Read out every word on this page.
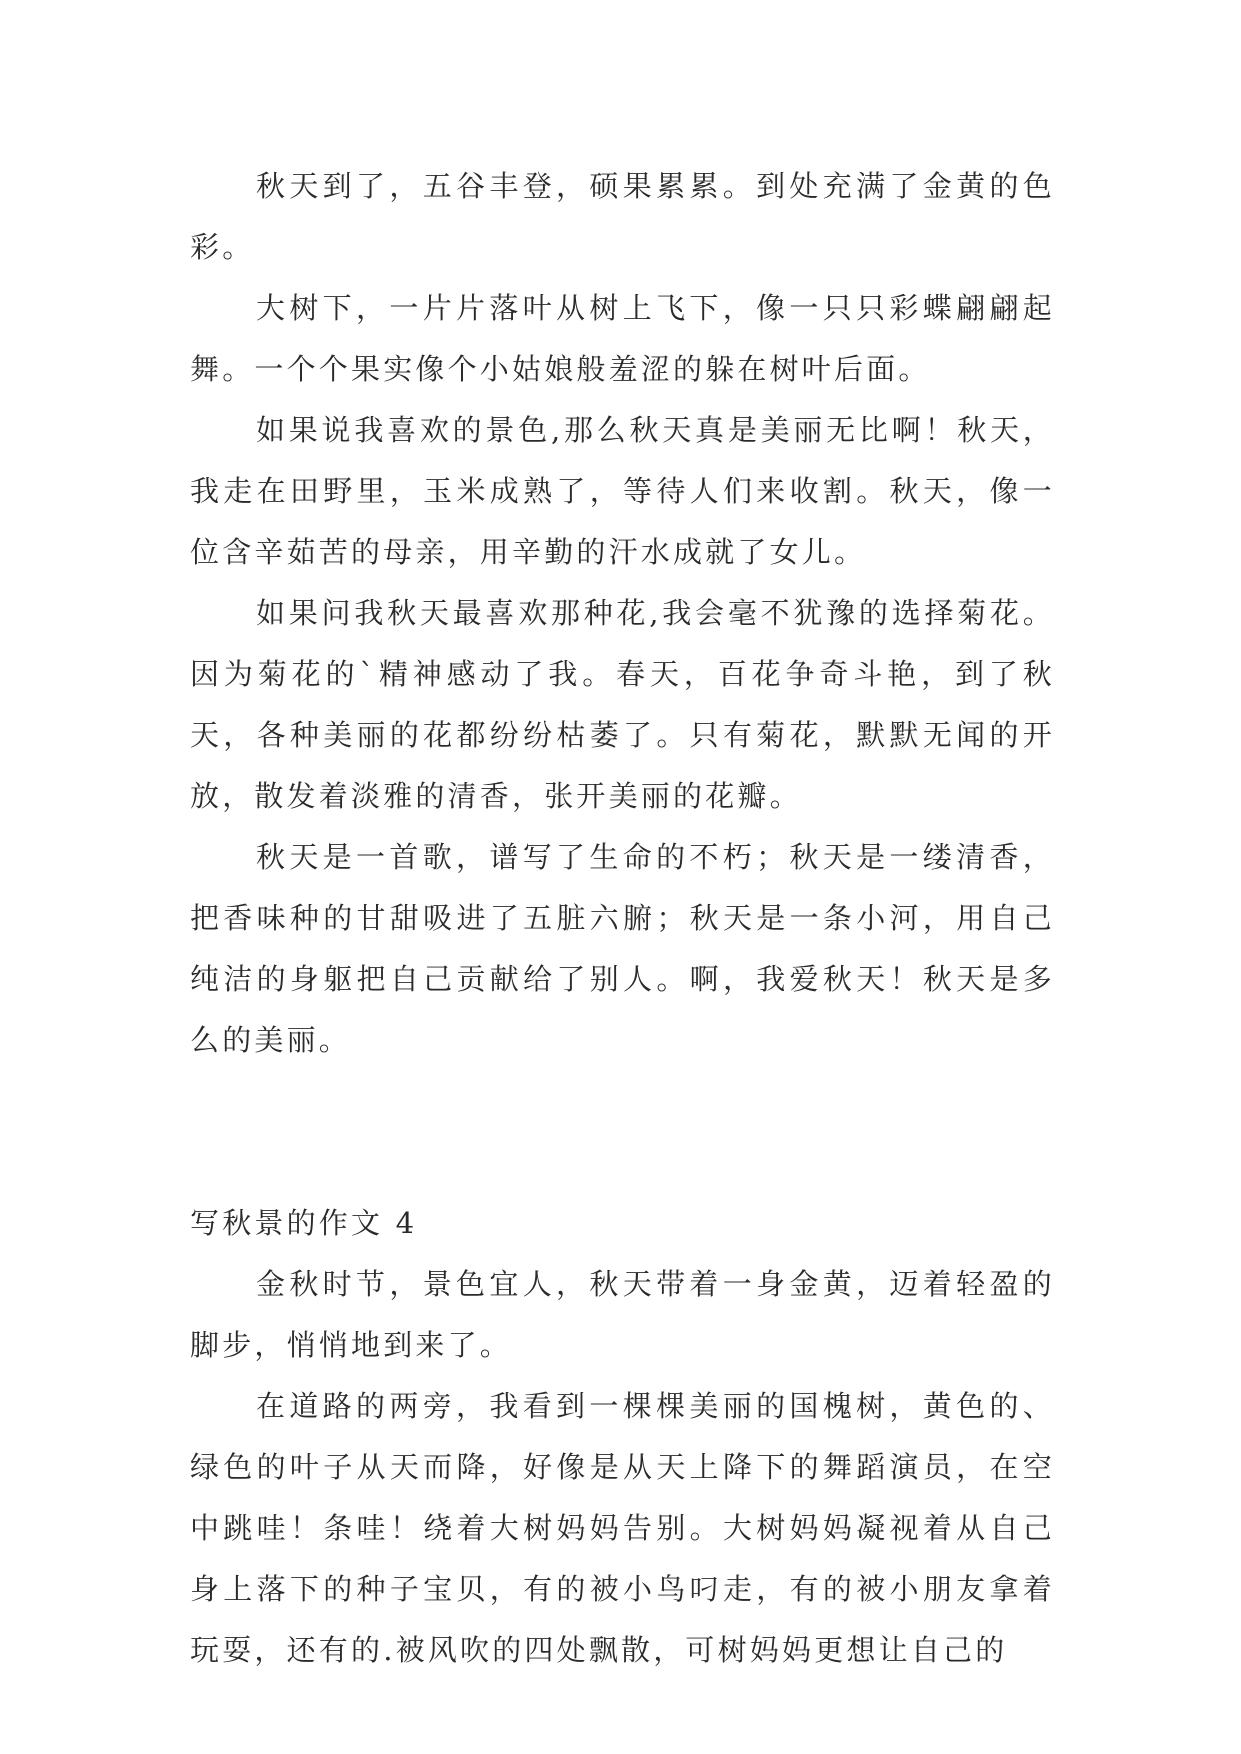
秋天到了，五谷丰登，硕果累累。到处充满了金黄的色彩。

大树下，一片片落叶从树上飞下，像一只只彩蝶翩翩起舞。一个个果实像个小姑娘般羞涩的躲在树叶后面。

如果说我喜欢的景色,那么秋天真是美丽无比啊！秋天，我走在田野里，玉米成熟了，等待人们来收割。秋天，像一位含辛茹苦的母亲，用辛勤的汗水成就了女儿。

如果问我秋天最喜欢那种花,我会毫不犹豫的选择菊花。因为菊花的`精神感动了我。春天，百花争奇斗艳，到了秋天，各种美丽的花都纷纷枯萎了。只有菊花，默默无闻的开放，散发着淡雅的清香，张开美丽的花瓣。

秋天是一首歌，谱写了生命的不朽；秋天是一缕清香，把香味种的甘甜吸进了五脏六腑；秋天是一条小河，用自己纯洁的身躯把自己贡献给了别人。啊，我爱秋天！秋天是多么的美丽。

写秋景的作文 4

金秋时节，景色宜人，秋天带着一身金黄，迈着轻盈的脚步，悄悄地到来了。

在道路的两旁，我看到一棵棵美丽的国槐树，黄色的、绿色的叶子从天而降，好像是从天上降下的舞蹈演员，在空中跳哇！条哇！绕着大树妈妈告别。大树妈妈凝视着从自己身上落下的种子宝贝，有的被小鸟叼走，有的被小朋友拿着玩耍，还有的.被风吹的四处飘散，可树妈妈更想让自己的
